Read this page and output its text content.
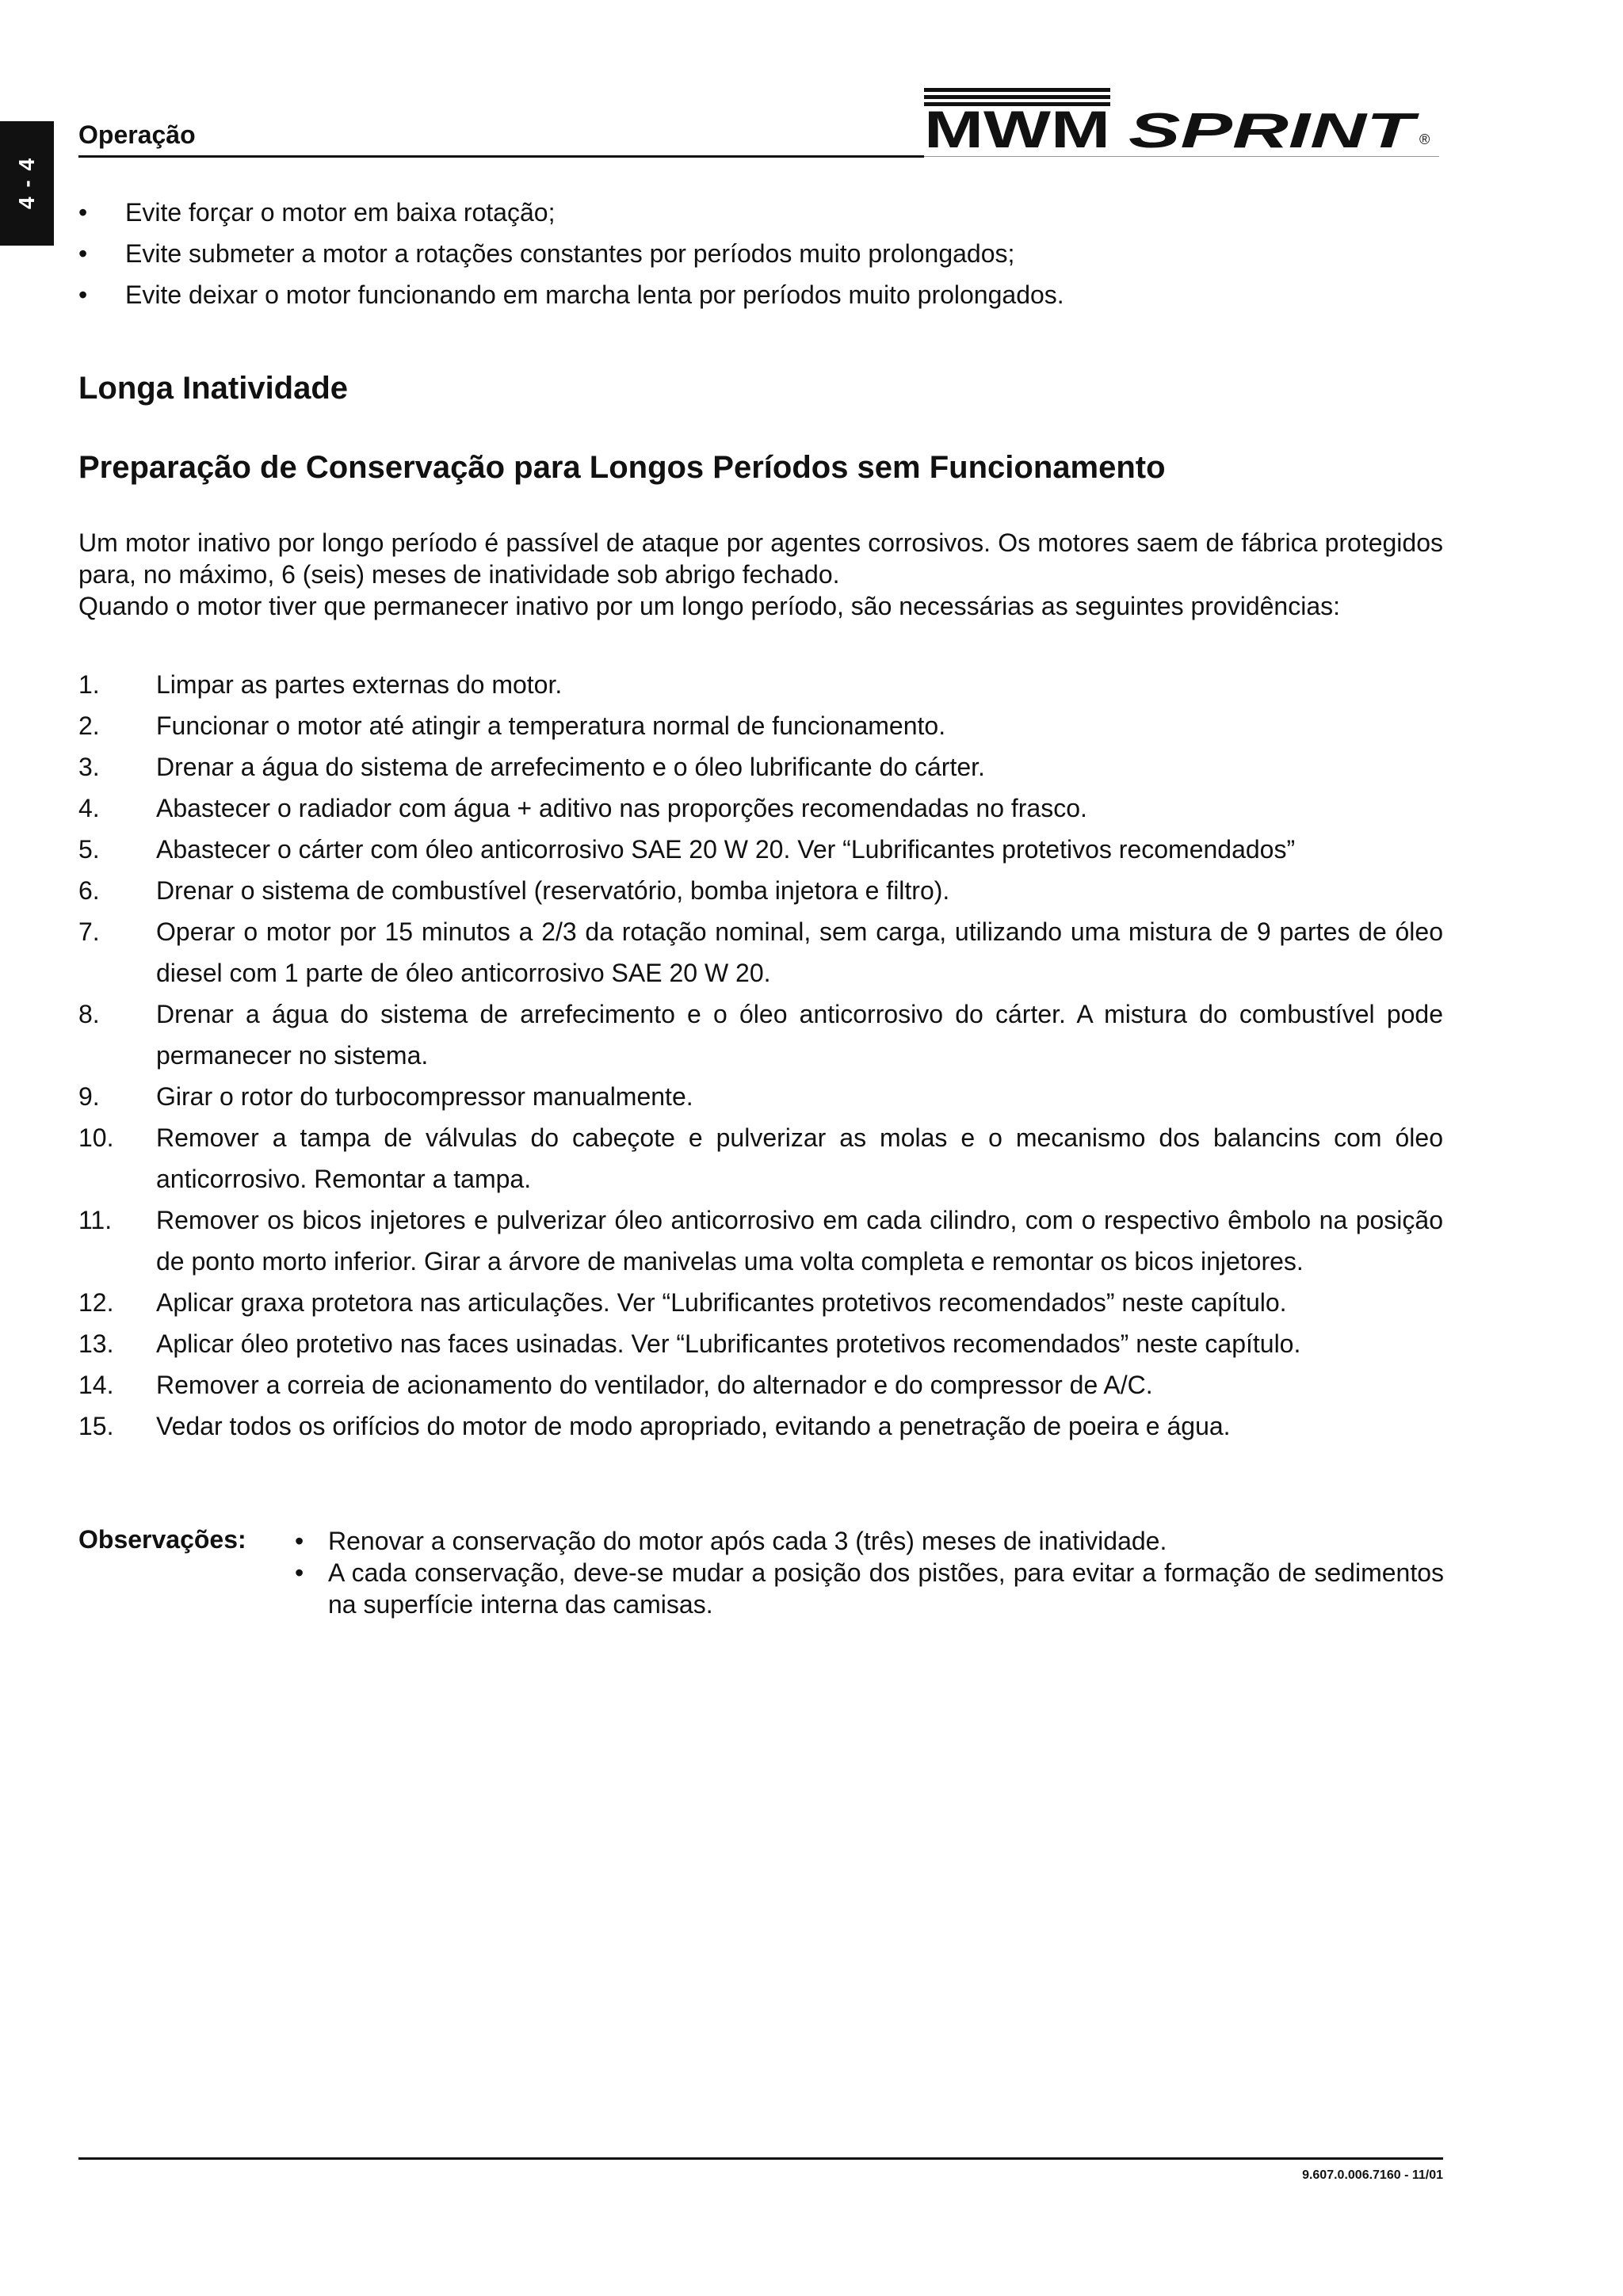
4 - 4
Operação	MWM SPRINT
®
• Evite forçar o motor em baixa rotação;
• Evite submeter a motor a rotações constantes por períodos muito prolongados;
• Evite deixar o motor funcionando em marcha lenta por períodos muito prolongados.
Longa Inatividade
Preparação de Conservação para Longos Períodos sem Funcionamento

Um motor inativo por longo período é passível de ataque por agentes corrosivos. Os motores saem de fábrica protegidos para, no máximo, 6 (seis) meses de inatividade sob abrigo fechado.

Quando o motor tiver que permanecer inativo por um longo período, são necessárias as seguintes providências:

1.	Limpar as partes externas do motor.
2.	Funcionar o motor até atingir a temperatura normal de funcionamento.
3.	Drenar a água do sistema de arrefecimento e o óleo lubrificante do cárter.
4.	Abastecer o radiador com água + aditivo nas proporções recomendadas no frasco.
5.	Abastecer o cárter com óleo anticorrosivo SAE 20 W 20. Ver “Lubrificantes protetivos recomendados”
6.	Drenar o sistema de combustível (reservatório, bomba injetora e filtro).
7.	Operar o motor por 15 minutos a 2/3 da rotação nominal, sem carga, utilizando uma mistura de 9 partes de óleo diesel com 1 parte de óleo anticorrosivo SAE 20 W 20.
8.	Drenar a água do sistema de arrefecimento e o óleo anticorrosivo do cárter. A mistura do combustível pode permanecer no sistema.
9.	Girar o rotor do turbocompressor manualmente.
10.	Remover a tampa de válvulas do cabeçote e pulverizar as molas e o mecanismo dos balancins com óleo anticorrosivo. Remontar a tampa.
11.	Remover os bicos injetores e pulverizar óleo anticorrosivo em cada cilindro, com o respectivo êmbolo na posição de ponto morto inferior. Girar a árvore de manivelas uma volta completa e remontar os bicos injetores.
12.	Aplicar graxa protetora nas articulações. Ver “Lubrificantes protetivos recomendados” neste capítulo.
13.	Aplicar óleo protetivo nas faces usinadas. Ver “Lubrificantes protetivos recomendados” neste capítulo.
14.	Remover a correia de acionamento do ventilador, do alternador e do compressor de A/C.
15.	Vedar todos os orifícios do motor de modo apropriado, evitando a penetração de poeira e água.
Observações: • Renovar a conservação do motor após cada 3 (três) meses de inatividade.
• A cada conservação, deve-se mudar a posição dos pistões, para evitar a formação de sedimentos na superfície interna das camisas.
9.607.0.006.7160 - 11/01
